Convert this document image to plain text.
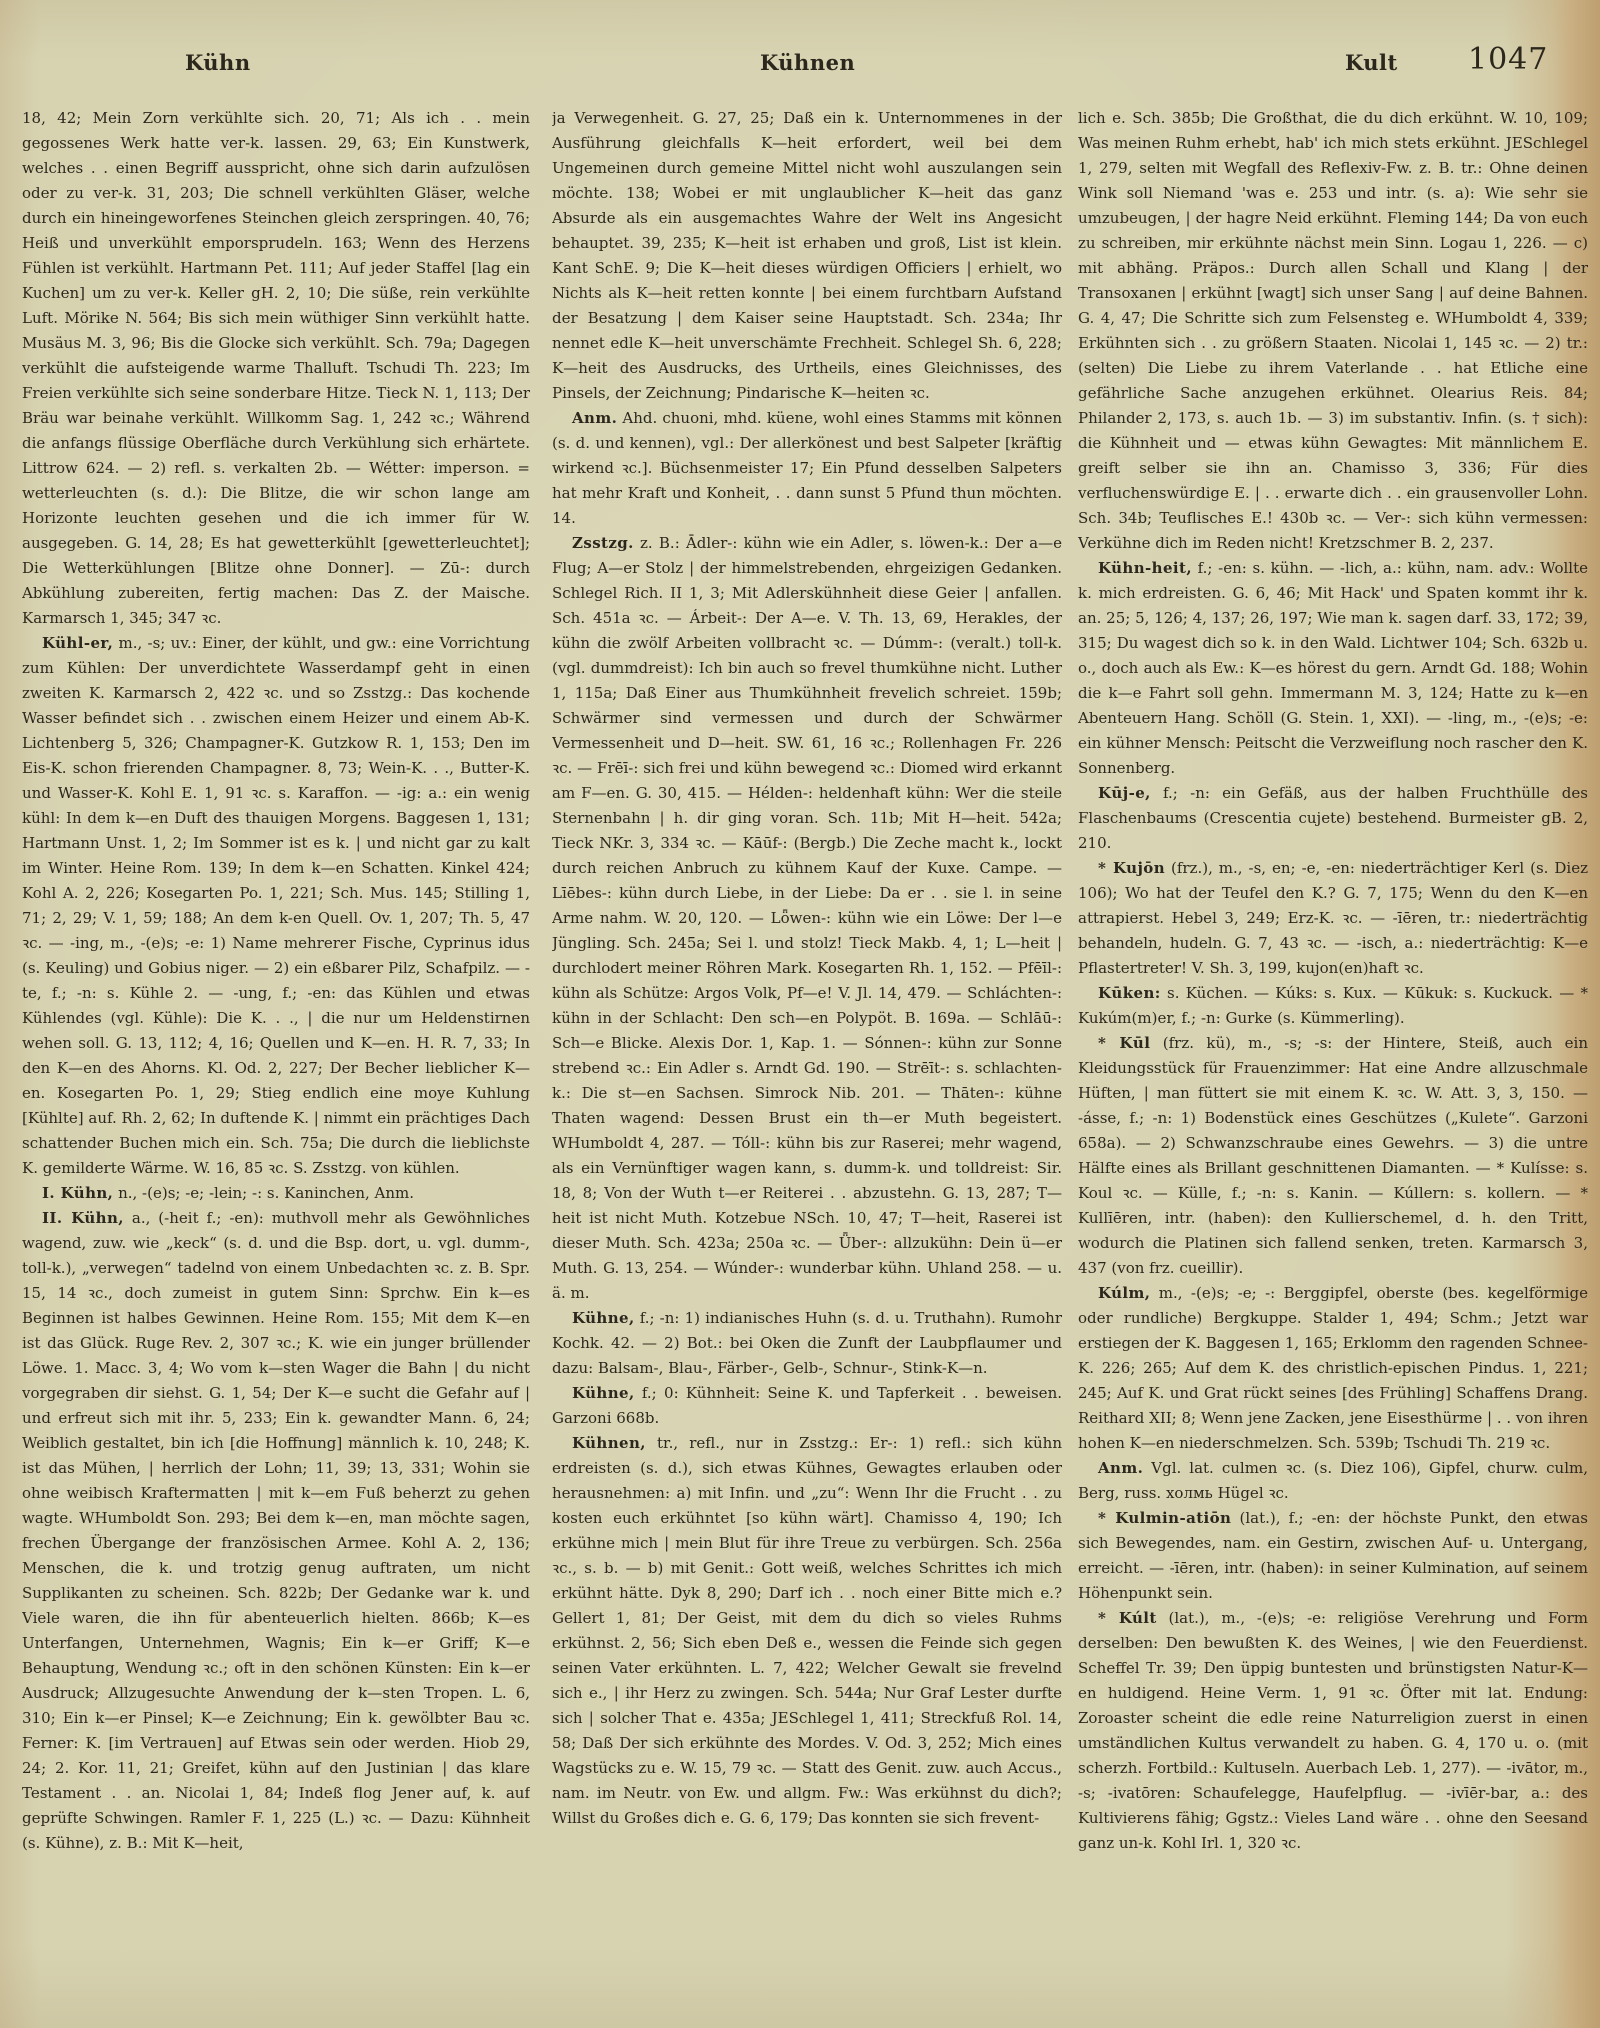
Kühn	Kühnen	Kult 1047

18, 42; Mein Zorn verkühlte sich. 20, 71; Als ich . . mein gegossenes Werk hatte ver-k. lassen. 29, 63; Ein Kunstwerk, welches . . einen Begriff ausspricht, ohne sich darin aufzulösen oder zu ver-k. 31, 203; Die schnell verkühlten Gläser, welche durch ein hineingeworfenes Steinchen gleich zerspringen. 40, 76; Heiß und unverkühlt emporsprudeln. 163; Wenn des Herzens Fühlen ist verkühlt. Hartmann Pet. 111; Auf jeder Staffel [lag ein Kuchen] um zu ver-k. Keller gH. 2, 10; Die süße, rein verkühlte Luft. Mörike N. 564; Bis sich mein wüthiger Sinn verkühlt hatte. Musäus M. 3, 96; Bis die Glocke sich verkühlt. Sch. 79a; Dagegen verkühlt die aufsteigende warme Thalluft. Tschudi Th. 223; Im Freien verkühlte sich seine sonderbare Hitze. Tieck N. 1, 113; Der Bräu war beinahe verkühlt. Willkomm Sag. 1, 242 ꝛc.; Während die anfangs flüssige Oberfläche durch Verkühlung sich erhärtete. Littrow 624. — 2) refl. s. verkalten 2b. — Wétter: imperson. = wetterleuchten (s. d.): Die Blitze, die wir schon lange am Horizonte leuchten gesehen und die ich immer für W. ausgegeben. G. 14, 28; Es hat gewetterkühlt [gewetterleuchtet]; Die Wetterkühlungen [Blitze ohne Donner]. — Zū-: durch Abkühlung zubereiten, fertig machen: Das Z. der Maische. Karmarsch 1, 345; 347 ꝛc.

Kühl-er, m., -s; uv.: Einer, der kühlt, und gw.: eine Vorrichtung zum Kühlen: Der unverdichtete Wasserdampf geht in einen zweiten K. Karmarsch 2, 422 ꝛc. und so Zsstzg.: Das kochende Wasser befindet sich . . zwischen einem Heizer und einem Ab-K. Lichtenberg 5, 326; Champagner-K. Gutzkow R. 1, 153; Den im Eis-K. schon frierenden Champagner. 8, 73; Wein-K. . ., Butter-K. und Wasser-K. Kohl E. 1, 91 ꝛc. s. Karaffon. — -ig: a.: ein wenig kühl: In dem k—en Duft des thauigen Morgens. Baggesen 1, 131; Hartmann Unst. 1, 2; Im Sommer ist es k. | und nicht gar zu kalt im Winter. Heine Rom. 139; In dem k—en Schatten. Kinkel 424; Kohl A. 2, 226; Kosegarten Po. 1, 221; Sch. Mus. 145; Stilling 1, 71; 2, 29; V. 1, 59; 188; An dem k-en Quell. Ov. 1, 207; Th. 5, 47 ꝛc. — -ing, m., -(e)s; -e: 1) Name mehrerer Fische, Cyprinus idus (s. Keuling) und Gobius niger. — 2) ein eßbarer Pilz, Schafpilz. — -te, f.; -n: s. Kühle 2. — -ung, f.; -en: das Kühlen und etwas Kühlendes (vgl. Kühle): Die K. . ., | die nur um Heldenstirnen wehen soll. G. 13, 112; 4, 16; Quellen und K—en. H. R. 7, 33; In den K—en des Ahorns. Kl. Od. 2, 227; Der Becher lieblicher K—en. Kosegarten Po. 1, 29; Stieg endlich eine moye Kuhlung [Kühlte] auf. Rh. 2, 62; In duftende K. | nimmt ein prächtiges Dach schattender Buchen mich ein. Sch. 75a; Die durch die lieblichste K. gemilderte Wärme. W. 16, 85 ꝛc. S. Zsstzg. von kühlen.

I. Kühn, n., -(e)s; -e; -lein; -: s. Kaninchen, Anm.

II. Kühn, a., (-heit f.; -en): muthvoll mehr als Gewöhnliches wagend, zuw. wie „keck“ (s. d. und die Bsp. dort, u. vgl. dumm-, toll-k.), „verwegen“ tadelnd von einem Unbedachten ꝛc. z. B. Spr. 15, 14 ꝛc., doch zumeist in gutem Sinn: Sprchw. Ein k—es Beginnen ist halbes Gewinnen. Heine Rom. 155; Mit dem K—en ist das Glück. Ruge Rev. 2, 307 ꝛc.; K. wie ein junger brüllender Löwe. 1. Macc. 3, 4; Wo vom k—sten Wager die Bahn | du nicht vorgegraben dir siehst. G. 1, 54; Der K—e sucht die Gefahr auf | und erfreut sich mit ihr. 5, 233; Ein k. gewandter Mann. 6, 24; Weiblich gestaltet, bin ich [die Hoffnung] männlich k. 10, 248; K. ist das Mühen, | herrlich der Lohn; 11, 39; 13, 331; Wohin sie ohne weibisch Kraftermatten | mit k—em Fuß beherzt zu gehen wagte. WHumboldt Son. 293; Bei dem k—en, man möchte sagen, frechen Übergange der französischen Armee. Kohl A. 2, 136; Menschen, die k. und trotzig genug auftraten, um nicht Supplikanten zu scheinen. Sch. 822b; Der Gedanke war k. und Viele waren, die ihn für abenteuerlich hielten. 866b; K—es Unterfangen, Unternehmen, Wagnis; Ein k—er Griff; K—e Behauptung, Wendung ꝛc.; oft in den schönen Künsten: Ein k—er Ausdruck; Allzugesuchte Anwendung der k—sten Tropen. L. 6, 310; Ein k—er Pinsel; K—e Zeichnung; Ein k. gewölbter Bau ꝛc. Ferner: K. [im Vertrauen] auf Etwas sein oder werden. Hiob 29, 24; 2. Kor. 11, 21; Greifet, kühn auf den Justinian | das klare Testament . . an. Nicolai 1, 84; Indeß flog Jener auf, k. auf geprüfte Schwingen. Ramler F. 1, 225 (L.) ꝛc. — Dazu: Kühnheit (s. Kühne), z. B.: Mit K—heit,

ja Verwegenheit. G. 27, 25; Daß ein k. Unternommenes in der Ausführung gleichfalls K—heit erfordert, weil bei dem Ungemeinen durch gemeine Mittel nicht wohl auszulangen sein möchte. 138; Wobei er mit unglaublicher K—heit das ganz Absurde als ein ausgemachtes Wahre der Welt ins Angesicht behauptet. 39, 235; K—heit ist erhaben und groß, List ist klein. Kant SchE. 9; Die K—heit dieses würdigen Officiers | erhielt, wo Nichts als K—heit retten konnte | bei einem furchtbarn Aufstand der Besatzung | dem Kaiser seine Hauptstadt. Sch. 234a; Ihr nennet edle K—heit unverschämte Frechheit. Schlegel Sh. 6, 228; K—heit des Ausdrucks, des Urtheils, eines Gleichnisses, des Pinsels, der Zeichnung; Pindarische K—heiten ꝛc.

Anm. Ahd. chuoni, mhd. küene, wohl eines Stamms mit können (s. d. und kennen), vgl.: Der allerkönest und best Salpeter [kräftig wirkend ꝛc.]. Büchsenmeister 17; Ein Pfund desselben Salpeters hat mehr Kraft und Konheit, . . dann sunst 5 Pfund thun möchten. 14.

Zsstzg. z. B.: Ādler-: kühn wie ein Adler, s. löwen-k.: Der a—e Flug; A—er Stolz | der himmelstrebenden, ehrgeizigen Gedanken. Schlegel Rich. II 1, 3; Mit Adlerskühnheit diese Geier | anfallen. Sch. 451a ꝛc. — Árbeit-: Der A—e. V. Th. 13, 69, Herakles, der kühn die zwölf Arbeiten vollbracht ꝛc. — Dúmm-: (veralt.) toll-k. (vgl. dummdreist): Ich bin auch so frevel thumkühne nicht. Luther 1, 115a; Daß Einer aus Thumkühnheit frevelich schreiet. 159b; Schwärmer sind vermessen und durch der Schwärmer Vermessenheit und D—heit. SW. 61, 16 ꝛc.; Rollenhagen Fr. 226 ꝛc. — Frēī-: sich frei und kühn bewegend ꝛc.: Diomed wird erkannt am F—en. G. 30, 415. — Hélden-: heldenhaft kühn: Wer die steile Sternenbahn | h. dir ging voran. Sch. 11b; Mit H—heit. 542a; Tieck NKr. 3, 334 ꝛc. — Kāūf-: (Bergb.) Die Zeche macht k., lockt durch reichen Anbruch zu kühnem Kauf der Kuxe. Campe. — Līēbes-: kühn durch Liebe, in der Liebe: Da er . . sie l. in seine Arme nahm. W. 20, 120. — Lȫwen-: kühn wie ein Löwe: Der l—e Jüngling. Sch. 245a; Sei l. und stolz! Tieck Makb. 4, 1; L—heit | durchlodert meiner Röhren Mark. Kosegarten Rh. 1, 152. — Pfēīl-: kühn als Schütze: Argos Volk, Pf—e! V. Jl. 14, 479. — Schláchten-: kühn in der Schlacht: Den sch—en Polypöt. B. 169a. — Schlāū-: Sch—e Blicke. Alexis Dor. 1, Kap. 1. — Sónnen-: kühn zur Sonne strebend ꝛc.: Ein Adler s. Arndt Gd. 190. — Strēīt-: s. schlachten-k.: Die st—en Sachsen. Simrock Nib. 201. — Thāten-: kühne Thaten wagend: Dessen Brust ein th—er Muth begeistert. WHumboldt 4, 287. — Tóll-: kühn bis zur Raserei; mehr wagend, als ein Vernünftiger wagen kann, s. dumm-k. und tolldreist: Sir. 18, 8; Von der Wuth t—er Reiterei . . abzustehn. G. 13, 287; T—heit ist nicht Muth. Kotzebue NSch. 10, 47; T—heit, Raserei ist dieser Muth. Sch. 423a; 250a ꝛc. — Ǖber-: allzukühn: Dein ü—er Muth. G. 13, 254. — Wúnder-: wunderbar kühn. Uhland 258. — u. ä. m.

Kühne, f.; -n: 1) indianisches Huhn (s. d. u. Truthahn). Rumohr Kochk. 42. — 2) Bot.: bei Oken die Zunft der Laubpflaumer und dazu: Balsam-, Blau-, Färber-, Gelb-, Schnur-, Stink-K—n.

Kühne, f.; 0: Kühnheit: Seine K. und Tapferkeit . . beweisen. Garzoni 668b.

Kühnen, tr., refl., nur in Zsstzg.: Er-: 1) refl.: sich kühn erdreisten (s. d.), sich etwas Kühnes, Gewagtes erlauben oder herausnehmen: a) mit Infin. und „zu“: Wenn Ihr die Frucht . . zu kosten euch erkühntet [so kühn wärt]. Chamisso 4, 190; Ich erkühne mich | mein Blut für ihre Treue zu verbürgen. Sch. 256a ꝛc., s. b. — b) mit Genit.: Gott weiß, welches Schrittes ich mich erkühnt hätte. Dyk 8, 290; Darf ich . . noch einer Bitte mich e.? Gellert 1, 81; Der Geist, mit dem du dich so vieles Ruhms erkühnst. 2, 56; Sich eben Deß e., wessen die Feinde sich gegen seinen Vater erkühnten. L. 7, 422; Welcher Gewalt sie frevelnd sich e., | ihr Herz zu zwingen. Sch. 544a; Nur Graf Lester durfte sich | solcher That e. 435a; JESchlegel 1, 411; Streckfuß Rol. 14, 58; Daß Der sich erkühnte des Mordes. V. Od. 3, 252; Mich eines Wagstücks zu e. W. 15, 79 ꝛc. — Statt des Genit. zuw. auch Accus., nam. im Neutr. von Ew. und allgm. Fw.: Was erkühnst du dich?; Willst du Großes dich e. G. 6, 179; Das konnten sie sich frevent-

lich e. Sch. 385b; Die Großthat, die du dich erkühnt. W. 10, 109; Was meinen Ruhm erhebt, hab' ich mich stets erkühnt. JESchlegel 1, 279, selten mit Wegfall des Reflexiv-Fw. z. B. tr.: Ohne deinen Wink soll Niemand 'was e. 253 und intr. (s. a): Wie sehr sie umzubeugen, | der hagre Neid erkühnt. Fleming 144; Da von euch zu schreiben, mir erkühnte nächst mein Sinn. Logau 1, 226. — c) mit abhäng. Präpos.: Durch allen Schall und Klang | der Transoxanen | erkühnt [wagt] sich unser Sang | auf deine Bahnen. G. 4, 47; Die Schritte sich zum Felsensteg e. WHumboldt 4, 339; Erkühnten sich . . zu größern Staaten. Nicolai 1, 145 ꝛc. — 2) tr.: (selten) Die Liebe zu ihrem Vaterlande . . hat Etliche eine gefährliche Sache anzugehen erkühnet. Olearius Reis. 84; Philander 2, 173, s. auch 1b. — 3) im substantiv. Infin. (s. † sich): die Kühnheit und — etwas kühn Gewagtes: Mit männlichem E. greift selber sie ihn an. Chamisso 3, 336; Für dies verfluchenswürdige E. | . . erwarte dich . . ein grausenvoller Lohn. Sch. 34b; Teuflisches E.! 430b ꝛc. — Ver-: sich kühn vermessen: Verkühne dich im Reden nicht! Kretzschmer B. 2, 237.

Kühn-heit, f.; -en: s. kühn. — -lich, a.: kühn, nam. adv.: Wollte k. mich erdreisten. G. 6, 46; Mit Hack' und Spaten kommt ihr k. an. 25; 5, 126; 4, 137; 26, 197; Wie man k. sagen darf. 33, 172; 39, 315; Du wagest dich so k. in den Wald. Lichtwer 104; Sch. 632b u. o., doch auch als Ew.: K—es hörest du gern. Arndt Gd. 188; Wohin die k—e Fahrt soll gehn. Immermann M. 3, 124; Hatte zu k—en Abenteuern Hang. Schöll (G. Stein. 1, XXI). — -ling, m., -(e)s; -e: ein kühner Mensch: Peitscht die Verzweiflung noch rascher den K. Sonnenberg.

Kūj-e, f.; -n: ein Gefäß, aus der halben Fruchthülle des Flaschenbaums (Crescentia cujete) bestehend. Burmeister gB. 2, 210.

* Kujōn (frz.), m., -s, en; -e, -en: niederträchtiger Kerl (s. Diez 106); Wo hat der Teufel den K.? G. 7, 175; Wenn du den K—en attrapierst. Hebel 3, 249; Erz-K. ꝛc. — -īēren, tr.: niederträchtig behandeln, hudeln. G. 7, 43 ꝛc. — -isch, a.: niederträchtig: K—e Pflastertreter! V. Sh. 3, 199, kujon(en)haft ꝛc.

Kūken: s. Küchen. — Kúks: s. Kux. — Kūkuk: s. Kuckuck. — * Kukúm(m)er, f.; -n: Gurke (s. Kümmerling).

* Kūl (frz. kü), m., -s; -s: der Hintere, Steiß, auch ein Kleidungsstück für Frauenzimmer: Hat eine Andre allzuschmale Hüften, | man füttert sie mit einem K. ꝛc. W. Att. 3, 3, 150. — -ásse, f.; -n: 1) Bodenstück eines Geschützes („Kulete“. Garzoni 658a). — 2) Schwanzschraube eines Gewehrs. — 3) die untre Hälfte eines als Brillant geschnittenen Diamanten. — * Kulísse: s. Koul ꝛc. — Külle, f.; -n: s. Kanin. — Kúllern: s. kollern. — * Kullīēren, intr. (haben): den Kullierschemel, d. h. den Tritt, wodurch die Platinen sich fallend senken, treten. Karmarsch 3, 437 (von frz. cueillir).

Kúlm, m., -(e)s; -e; -: Berggipfel, oberste (bes. kegelförmige oder rundliche) Bergkuppe. Stalder 1, 494; Schm.; Jetzt war erstiegen der K. Baggesen 1, 165; Erklomm den ragenden Schnee-K. 226; 265; Auf dem K. des christlich-epischen Pindus. 1, 221; 245; Auf K. und Grat rückt seines [des Frühling] Schaffens Drang. Reithard XII; 8; Wenn jene Zacken, jene Eisesthürme | . . von ihren hohen K—en niederschmelzen. Sch. 539b; Tschudi Th. 219 ꝛc.

Anm. Vgl. lat. culmen ꝛc. (s. Diez 106), Gipfel, churw. culm, Berg, russ. холмь Hügel ꝛc.

* Kulmin-atiōn (lat.), f.; -en: der höchste Punkt, den etwas sich Bewegendes, nam. ein Gestirn, zwischen Auf- u. Untergang, erreicht. — -īēren, intr. (haben): in seiner Kulmination, auf seinem Höhenpunkt sein.

* Kúlt (lat.), m., -(e)s; -e: religiöse Verehrung und Form derselben: Den bewußten K. des Weines, | wie den Feuerdienst. Scheffel Tr. 39; Den üppig buntesten und brünstigsten Natur-K—en huldigend. Heine Verm. 1, 91 ꝛc. Öfter mit lat. Endung: Zoroaster scheint die edle reine Naturreligion zuerst in einen umständlichen Kultus verwandelt zu haben. G. 4, 170 u. o. (mit scherzh. Fortbild.: Kultuseln. Auerbach Leb. 1, 277). — -ivātor, m., -s; -ivatōren: Schaufelegge, Haufelpflug. — -ivīēr-bar, a.: des Kultivierens fähig; Ggstz.: Vieles Land wäre . . ohne den Seesand ganz un-k. Kohl Irl. 1, 320 ꝛc.
